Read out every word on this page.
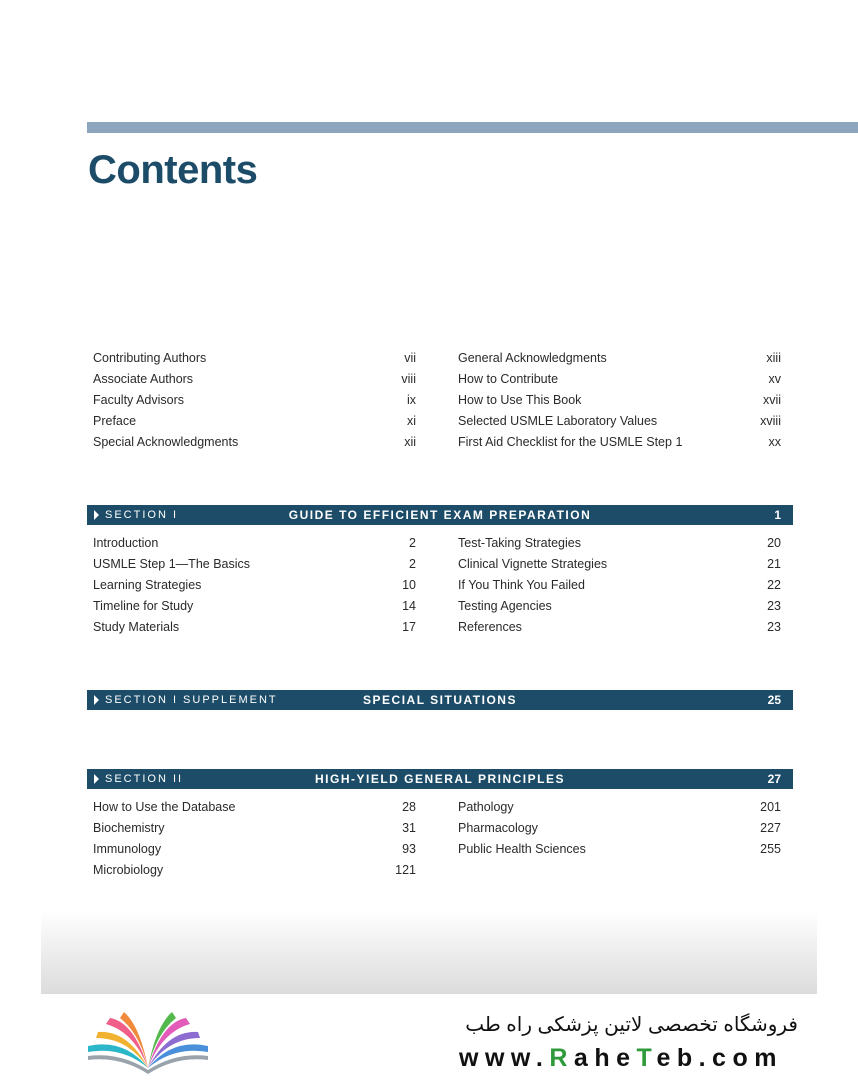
Contents
Contributing Authors	vii
Associate Authors	viii
Faculty Advisors	ix
Preface	xi
Special Acknowledgments	xii
General Acknowledgments	xiii
How to Contribute	xv
How to Use This Book	xvii
Selected USMLE Laboratory Values	xviii
First Aid Checklist for the USMLE Step 1	xx
SECTION I	GUIDE TO EFFICIENT EXAM PREPARATION	1
Introduction	2
USMLE Step 1—The Basics	2
Learning Strategies	10
Timeline for Study	14
Study Materials	17
Test-Taking Strategies	20
Clinical Vignette Strategies	21
If You Think You Failed	22
Testing Agencies	23
References	23
SECTION I SUPPLEMENT	SPECIAL SITUATIONS	25
SECTION II	HIGH-YIELD GENERAL PRINCIPLES	27
How to Use the Database	28
Biochemistry	31
Immunology	93
Microbiology	121
Pathology	201
Pharmacology	227
Public Health Sciences	255
فروشگاه تخصصی لاتین پزشکی راه طب
www.RaheTeb.com
